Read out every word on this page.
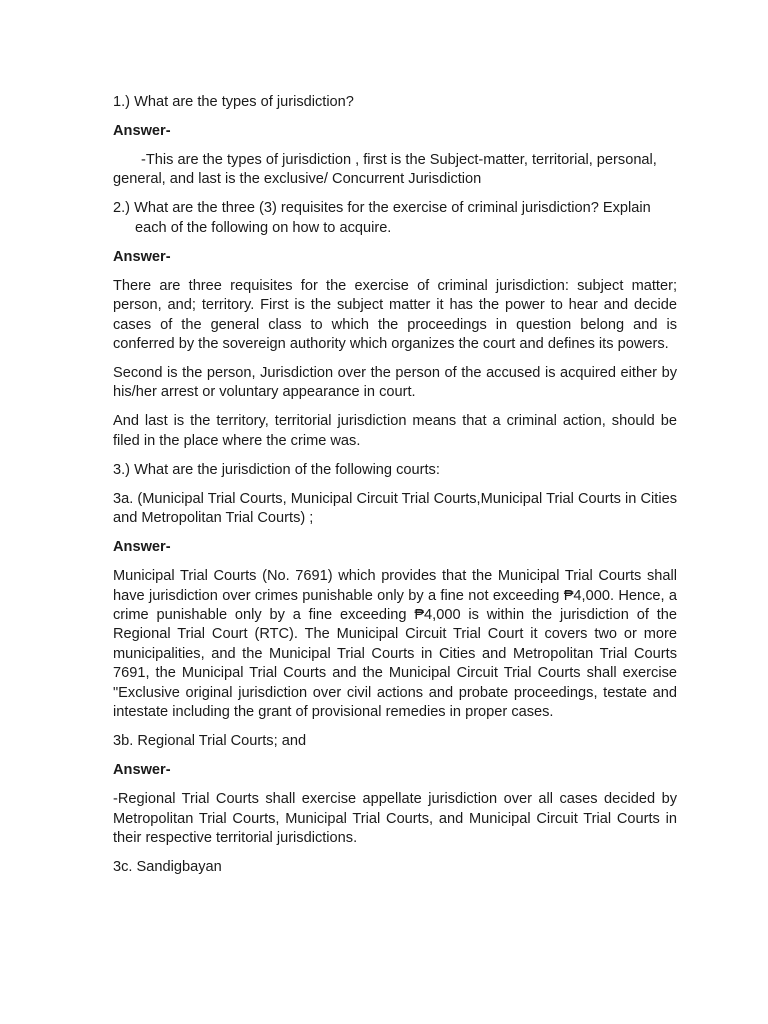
1.) What are the types of jurisdiction?

Answer-

-This are the types of jurisdiction , first is the Subject-matter, territorial, personal, general, and last is the exclusive/ Concurrent Jurisdiction

2.) What are the three (3) requisites for the exercise of criminal jurisdiction? Explain each of the following on how to acquire.

Answer-

There are three requisites for the exercise of criminal jurisdiction: subject matter; person, and; territory. First is the subject matter it has the power to hear and decide cases of the general class to which the proceedings in question belong and is conferred by the sovereign authority which organizes the court and defines its powers.

Second is the person, Jurisdiction over the person of the accused is acquired either by his/her arrest or voluntary appearance in court.

And last is the territory, territorial jurisdiction means that a criminal action, should be filed in the place where the crime was.

3.) What are the jurisdiction of the following courts:

3a. (Municipal Trial Courts, Municipal Circuit Trial Courts,Municipal Trial Courts in Cities and Metropolitan Trial Courts) ;

Answer-

Municipal Trial Courts (No. 7691) which provides that the Municipal Trial Courts shall have jurisdiction over crimes punishable only by a fine not exceeding ₱4,000. Hence, a crime punishable only by a fine exceeding ₱4,000 is within the jurisdiction of the Regional Trial Court (RTC). The Municipal Circuit Trial Court it covers two or more municipalities, and the Municipal Trial Courts in Cities and Metropolitan Trial Courts 7691, the Municipal Trial Courts and the Municipal Circuit Trial Courts shall exercise "Exclusive original jurisdiction over civil actions and probate proceedings, testate and intestate including the grant of provisional remedies in proper cases.

3b. Regional Trial Courts; and

Answer-

-Regional Trial Courts shall exercise appellate jurisdiction over all cases decided by Metropolitan Trial Courts, Municipal Trial Courts, and Municipal Circuit Trial Courts in their respective territorial jurisdictions.

3c. Sandigbayan
